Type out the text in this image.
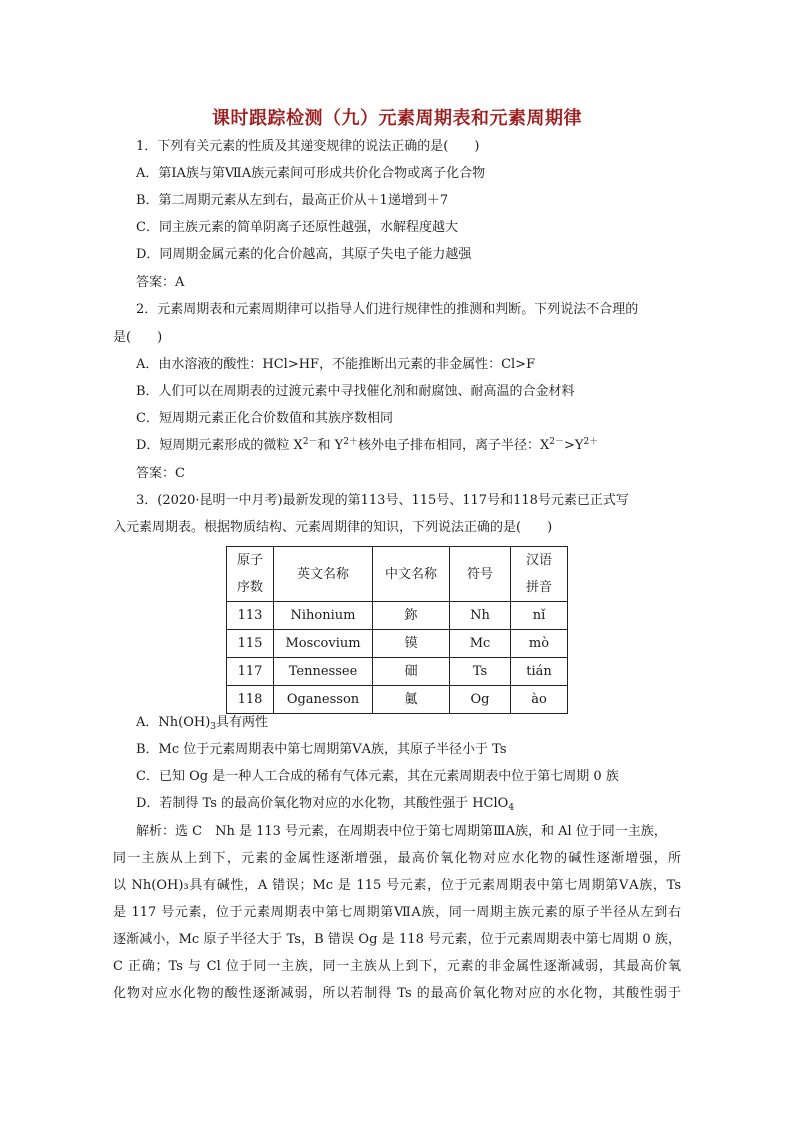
课时跟踪检测（九）元素周期表和元素周期律
1．下列有关元素的性质及其递变规律的说法正确的是(　　)
A．第ⅠA族与第ⅦA族元素间可形成共价化合物或离子化合物
B．第二周期元素从左到右，最高正价从＋1递增到＋7
C．同主族元素的简单阴离子还原性越强，水解程度越大
D．同周期金属元素的化合价越高，其原子失电子能力越强
答案：A
2．元素周期表和元素周期律可以指导人们进行规律性的推测和判断。下列说法不合理的
是(　　)
A．由水溶液的酸性：HCl>HF，不能推断出元素的非金属性：Cl>F
B．人们可以在周期表的过渡元素中寻找催化剂和耐腐蚀、耐高温的合金材料
C．短周期元素正化合价数值和其族序数相同
D．短周期元素形成的微粒 $X^{2-}$和 $Y^{2+}$核外电子排布相同，离子半径：$X^{2-}>Y^{2+}$
答案：C
3．(2020·昆明一中月考)最新发现的第113号、115号、117号和118号元素已正式写
入元素周期表。根据物质结构、元素周期律的知识，下列说法正确的是(　　)
原子
序数	英文名称	中文名称	符号	汉语
拼音
113	Nihonium	鉨	Nh	nǐ
115	Moscovium	镆	Mc	mò
117	Tennessee	鿬	Ts	tián
118	Oganesson	鿫	Og	ào
A．$Nh(OH)_3$具有两性
B．Mc 位于元素周期表中第七周期第ⅤA族，其原子半径小于 Ts
C．已知 Og 是一种人工合成的稀有气体元素，其在元素周期表中位于第七周期 0 族
D．若制得 Ts 的最高价氧化物对应的水化物，其酸性强于 HClO$_4$
解析：选 C　Nh 是 113 号元素，在周期表中位于第七周期第ⅢA族，和 Al 位于同一主族，
同一主族从上到下，元素的金属性逐渐增强，最高价氧化物对应水化物的碱性逐渐增强，所
以 Nh(OH)₃具有碱性，A 错误；Mc 是 115 号元素，位于元素周期表中第七周期第ⅤA族，Ts
是 117 号元素，位于元素周期表中第七周期第ⅦA族，同一周期主族元素的原子半径从左到右
逐渐减小，Mc 原子半径大于 Ts，B 错误 Og 是 118 号元素，位于元素周期表中第七周期 0 族，
C 正确；Ts 与 Cl 位于同一主族，同一主族从上到下，元素的非金属性逐渐减弱，其最高价氧
化物对应水化物的酸性逐渐减弱，所以若制得 Ts 的最高价氧化物对应的水化物，其酸性弱于
